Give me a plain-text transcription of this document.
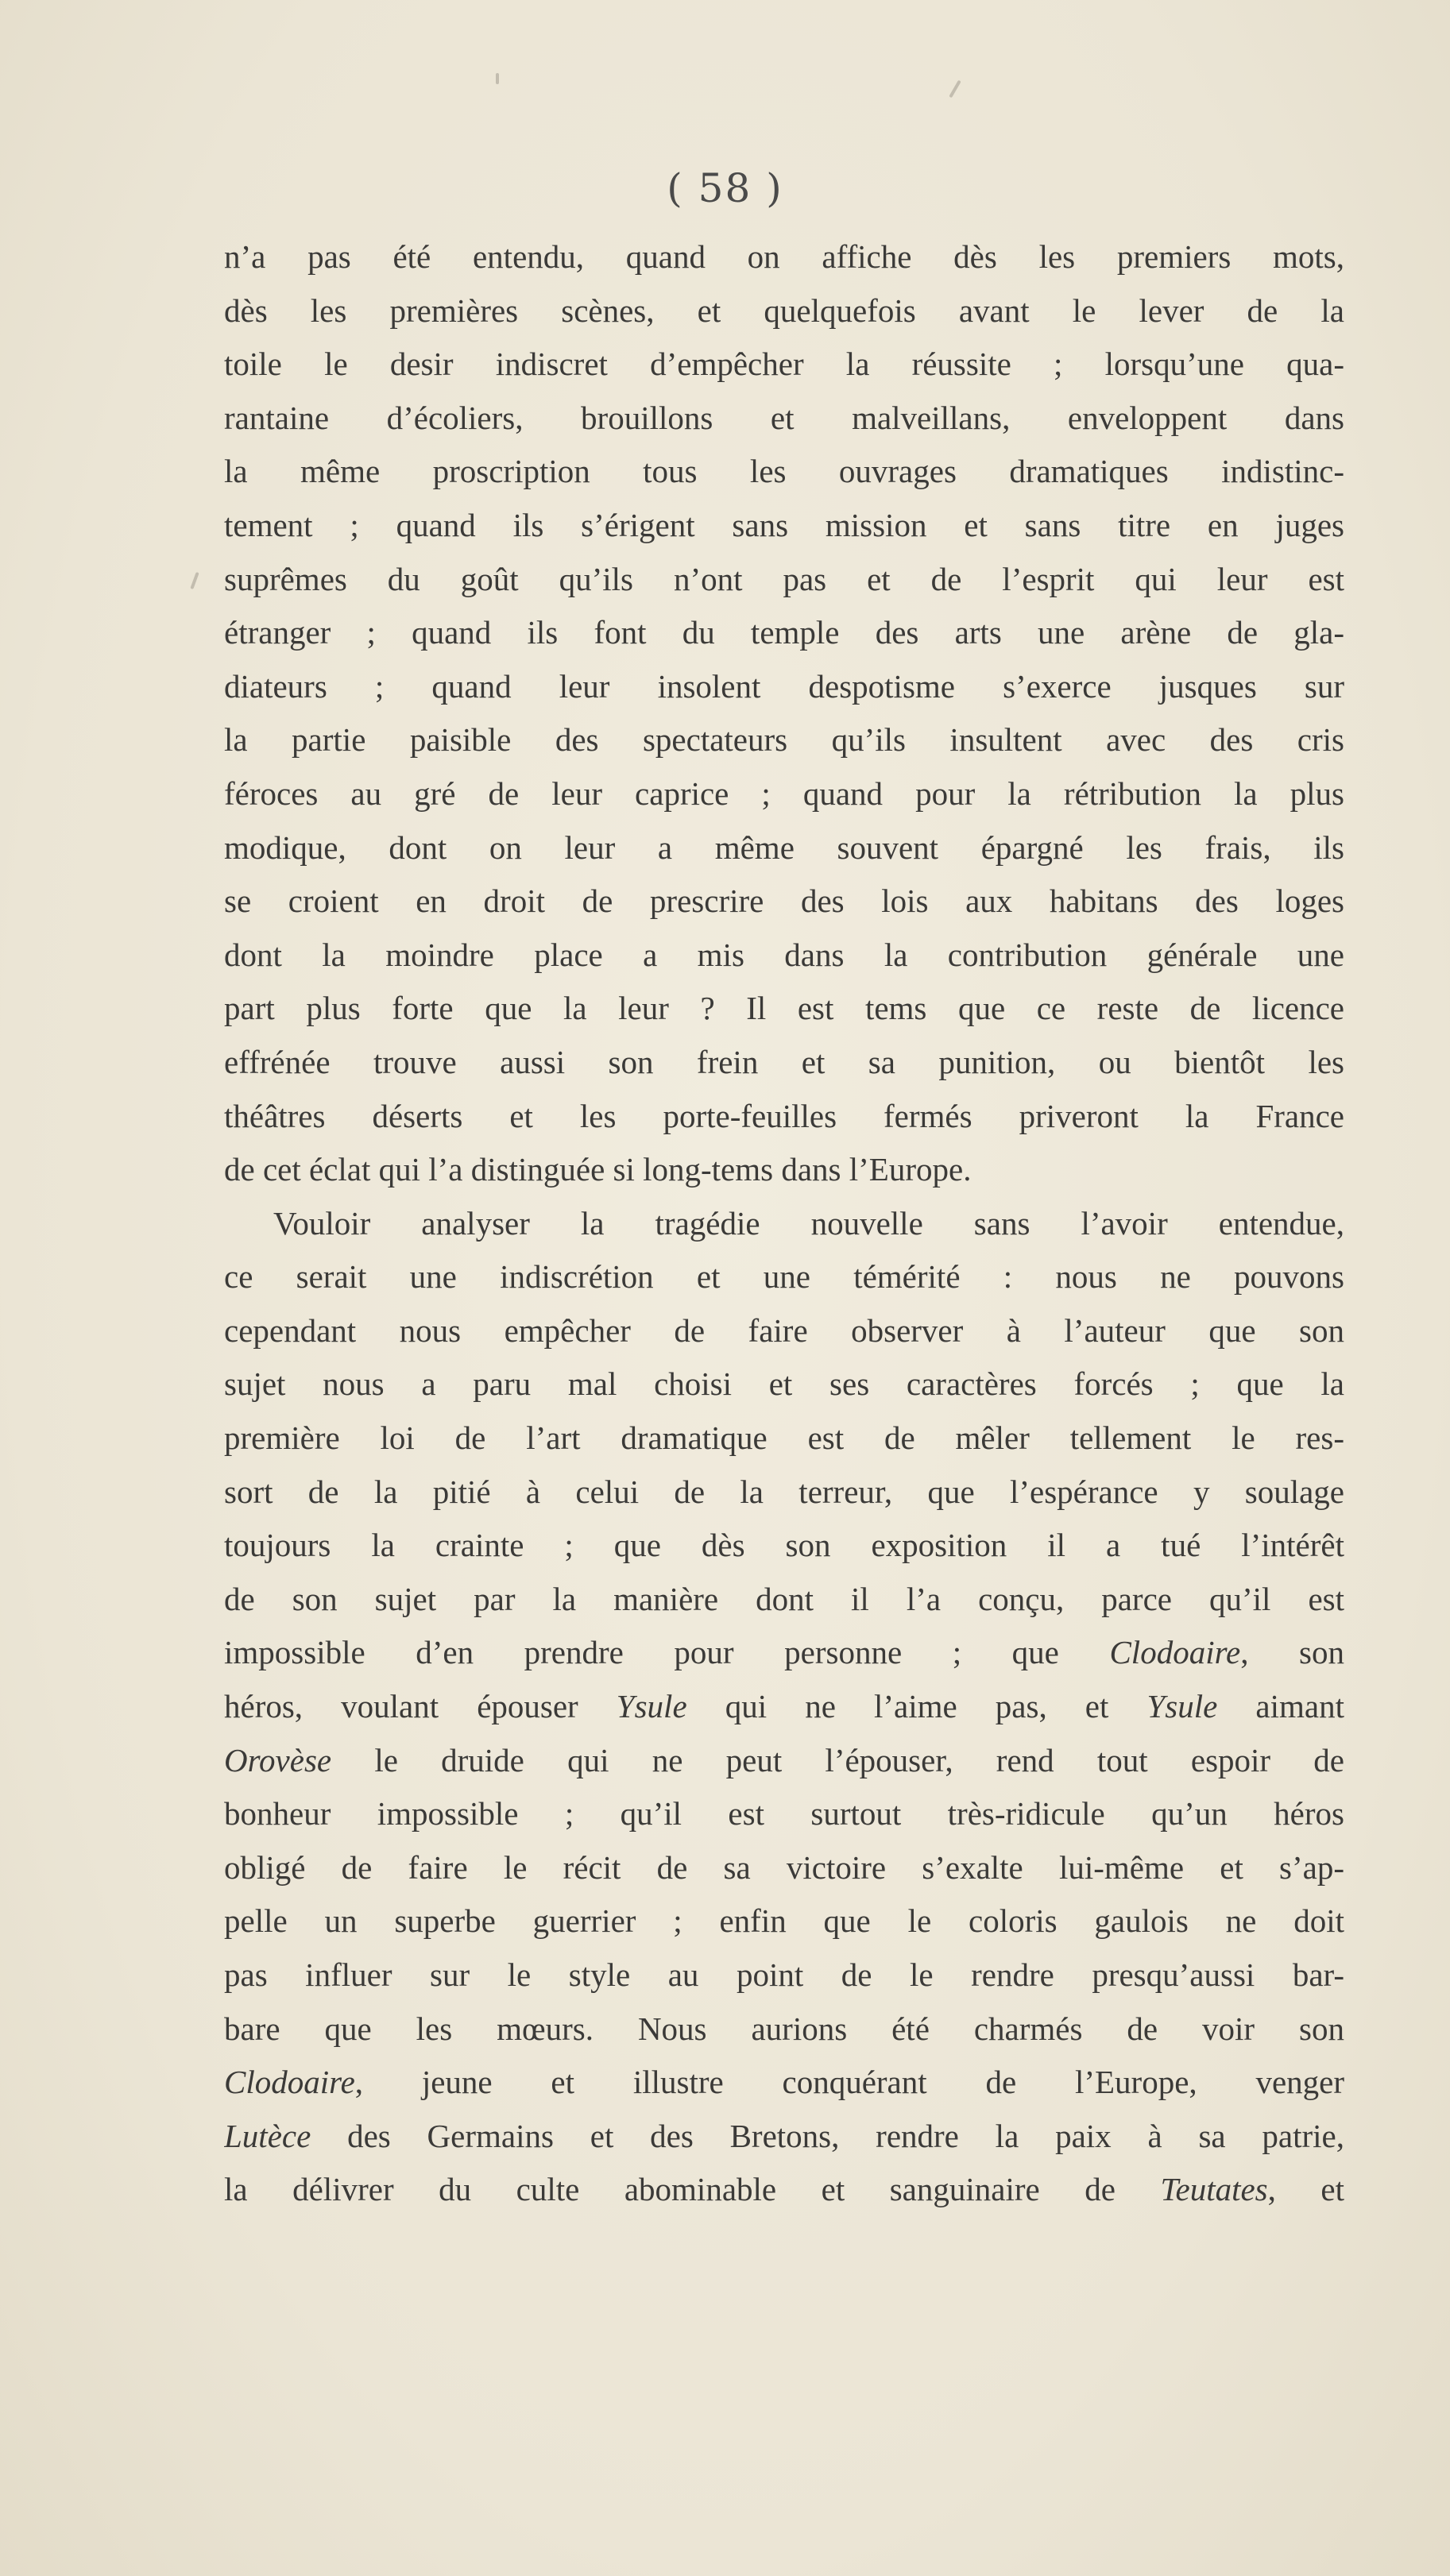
( 58 )
n’a pas été entendu, quand on affiche dès les premiers mots,
dès les premières scènes, et quelquefois avant le lever de la
toile le desir indiscret d’empêcher la réussite ; lorsqu’une qua-
rantaine d’écoliers, brouillons et malveillans, enveloppent dans
la même proscription tous les ouvrages dramatiques indistinc-
tement ; quand ils s’érigent sans mission et sans titre en juges
suprêmes du goût qu’ils n’ont pas et de l’esprit qui leur est
étranger ; quand ils font du temple des arts une arène de gla-
diateurs ; quand leur insolent despotisme s’exerce jusques sur
la partie paisible des spectateurs qu’ils insultent avec des cris
féroces au gré de leur caprice ; quand pour la rétribution la plus
modique, dont on leur a même souvent épargné les frais, ils
se croient en droit de prescrire des lois aux habitans des loges
dont la moindre place a mis dans la contribution générale une
part plus forte que la leur ? Il est tems que ce reste de licence
effrénée trouve aussi son frein et sa punition, ou bientôt les
théâtres déserts et les porte-feuilles fermés priveront la France
de cet éclat qui l’a distinguée si long-tems dans l’Europe.
Vouloir analyser la tragédie nouvelle sans l’avoir entendue,
ce serait une indiscrétion et une témérité : nous ne pouvons
cependant nous empêcher de faire observer à l’auteur que son
sujet nous a paru mal choisi et ses caractères forcés ; que la
première loi de l’art dramatique est de mêler tellement le res-
sort de la pitié à celui de la terreur, que l’espérance y soulage
toujours la crainte ; que dès son exposition il a tué l’intérêt
de son sujet par la manière dont il l’a conçu, parce qu’il est
impossible d’en prendre pour personne ; que Clodoaire, son
héros, voulant épouser Ysule qui ne l’aime pas, et Ysule aimant
Orovèse le druide qui ne peut l’épouser, rend tout espoir de
bonheur impossible ; qu’il est surtout très-ridicule qu’un héros
obligé de faire le récit de sa victoire s’exalte lui-même et s’ap-
pelle un superbe guerrier ; enfin que le coloris gaulois ne doit
pas influer sur le style au point de le rendre presqu’aussi bar-
bare que les mœurs. Nous aurions été charmés de voir son
Clodoaire, jeune et illustre conquérant de l’Europe, venger
Lutèce des Germains et des Bretons, rendre la paix à sa patrie,
la délivrer du culte abominable et sanguinaire de Teutates, et
